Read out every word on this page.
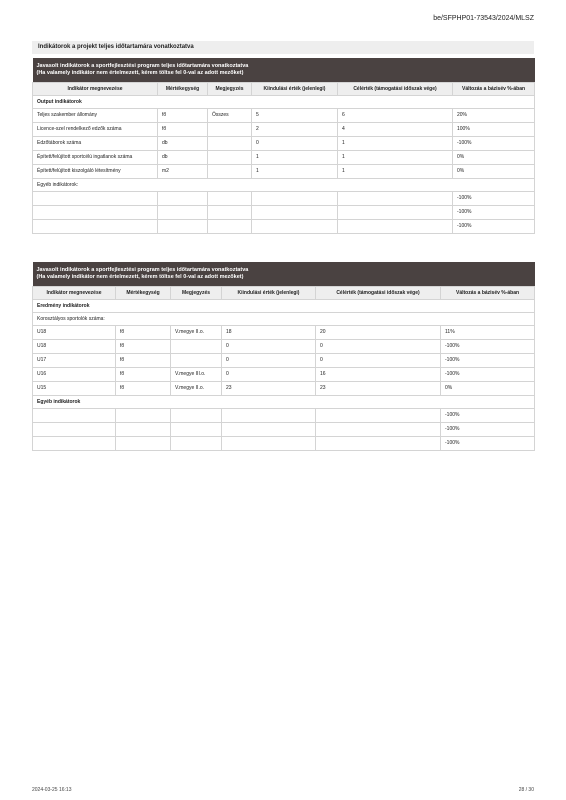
be/SFPHP01-73543/2024/MLSZ
Indikátorok a projekt teljes időtartamára vonatkoztatva
Javasolt indikátorok a sportfejlesztési program teljes időtartamára vonatkoztatva
(Ha valamely indikátor nem értelmezett, kérem töltse fel 0-val az adott mezőket)					

Indikátor megnevezése	Mértékegység	Megjegyzés	Kiindulási érték (jelenlegi)	Célérték (támogatási időszak vége)	Változás a bázisév %-ában
Output indikátorok					
Teljes szakember állomány	fő	Összes	5	6	20%
Licence-szel rendelkező edzők száma	fő		2	4	100%
Edzőtáborok száma	db		0	1	-100%
Épített/felújított sportcélú ingatlanok száma	db		1	1	0%
Épített/felújított kiszolgáló létesítmény	m2		1	1	0%
Egyéb indikátorok:					
					-100%
					-100%
					-100%
Javasolt indikátorok a sportfejlesztési program teljes időtartamára vonatkoztatva
(Ha valamely indikátor nem értelmezett, kérem töltse fel 0-val az adott mezőket)					

Indikátor megnevezése	Mértékegység	Megjegyzés	Kiindulási érték (jelenlegi)	Célérték (támogatási időszak vége)	Változás a bázisév %-ában
Eredmény indikátorok					
Korosztályos sportolók száma:					
U18	fő	V.megye II.o.	18	20	11%
U18	fő		0	0	-100%
U17	fő		0	0	-100%
U16	fő	V.megye III.o.	0	16	-100%
U15	fő	V.megye II.o.	23	23	0%
Egyéb indikátorok					
					-100%
					-100%
					-100%
2024-03-25 16:13	28 / 30
